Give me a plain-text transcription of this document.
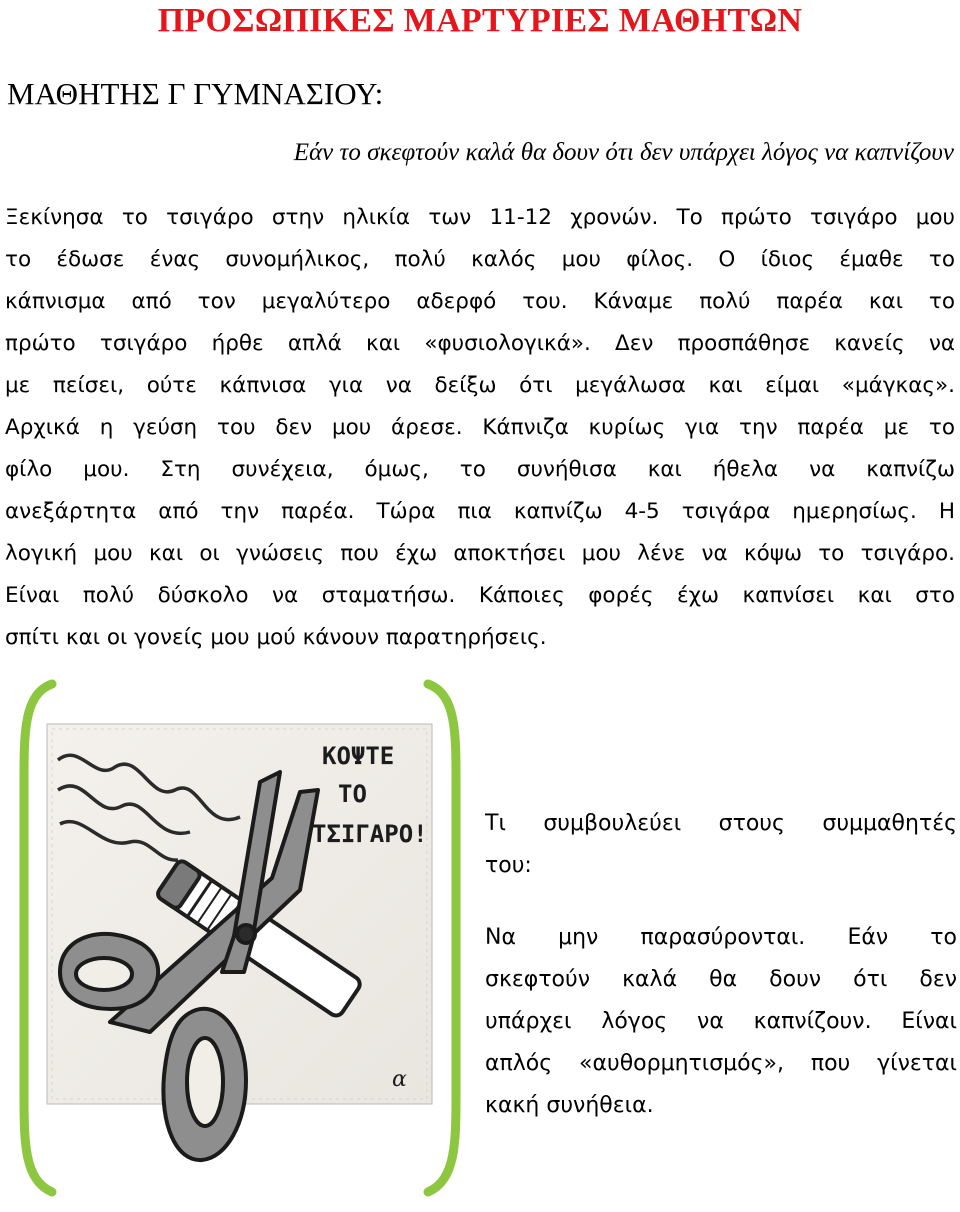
ΠΡΟΣΩΠΙΚΕΣ ΜΑΡΤΥΡΙΕΣ ΜΑΘΗΤΩΝ
ΜΑΘΗΤΗΣ Γ ΓΥΜΝΑΣΙΟΥ:

Εάν το σκεφτούν καλά θα δουν ότι δεν υπάρχει λόγος να καπνίζουν

Ξεκίνησα το τσιγάρο στην ηλικία των 11-12 χρονών. Το πρώτο τσιγάρο μου
το έδωσε ένας συνομήλικος, πολύ καλός μου φίλος. Ο ίδιος έμαθε το
κάπνισμα από τον μεγαλύτερο αδερφό του. Κάναμε πολύ παρέα και το
πρώτο τσιγάρο ήρθε απλά και «φυσιολογικά». Δεν προσπάθησε κανείς να
με πείσει, ούτε κάπνισα για να δείξω ότι μεγάλωσα και είμαι «μάγκας».
Αρχικά η γεύση του δεν μου άρεσε. Κάπνιζα κυρίως για την παρέα με το
φίλο μου. Στη συνέχεια, όμως, το συνήθισα και ήθελα να καπνίζω
ανεξάρτητα από την παρέα. Τώρα πια καπνίζω 4-5 τσιγάρα ημερησίως. Η
λογική μου και οι γνώσεις που έχω αποκτήσει μου λένε να κόψω το τσιγάρο.
Είναι πολύ δύσκολο να σταματήσω. Κάποιες φορές έχω καπνίσει και στο
σπίτι και οι γονείς μου μού κάνουν παρατηρήσεις.
ΚΟΨΤΕ
ΤΟ
ΤΣΙΓΑΡΟ!
α
Τι συμβουλεύει στους συμμαθητές
του:
Να μην παρασύρονται. Εάν το
σκεφτούν καλά θα δουν ότι δεν
υπάρχει λόγος να καπνίζουν. Είναι
απλός «αυθορμητισμός», που γίνεται
κακή συνήθεια.
